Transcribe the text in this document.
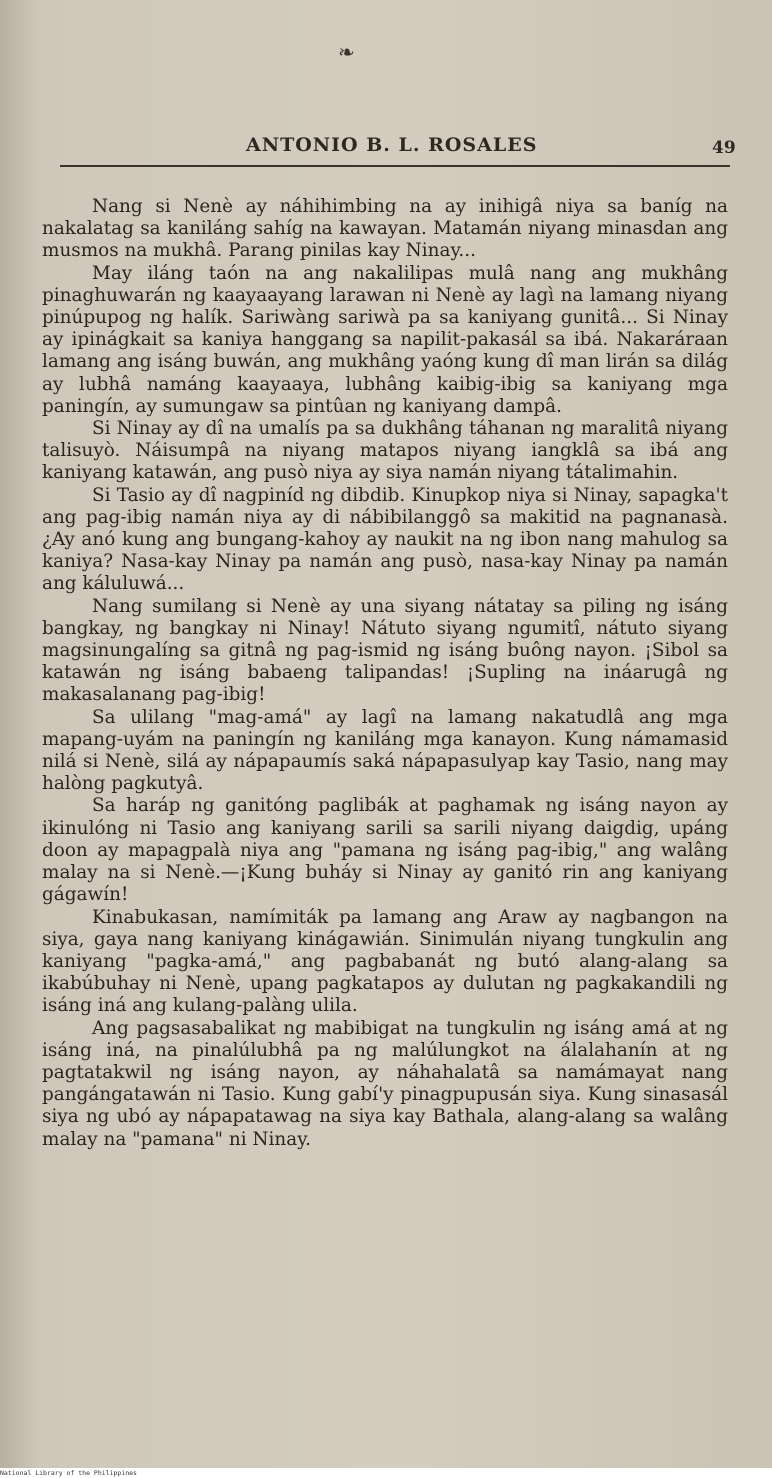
❧
ANTONIO B. L. ROSALES	49

Nang si Nenè ay náhihimbing na ay inihigâ niya sa baníg na nakalatag sa kaniláng sahíg na kawayan. Matamán niyang minasdan ang musmos na mukhâ. Parang pinilas kay Ninay...

May iláng taón na ang nakalilipas mulâ nang ang mukhâng pinaghuwarán ng kaayaayang larawan ni Nenè ay lagì na lamang niyang pinúpupog ng halík. Sariwàng sariwà pa sa kaniyang gunitâ... Si Ninay ay ipinágkait sa kaniya hanggang sa napilit-pakasál sa ibá. Nakaráraan lamang ang isáng buwán, ang mukhâng yaóng kung dî man lirán sa dilág ay lubhâ namáng kaayaaya, lubhâng kaibig-ibig sa kaniyang mga paningín, ay sumungaw sa pintûan ng kaniyang dampâ.

Si Ninay ay dî na umalís pa sa dukhâng táhanan ng maralitâ niyang talisuyò. Náisumpâ na niyang matapos niyang iangklâ sa ibá ang kaniyang katawán, ang pusò niya ay siya namán niyang tátalimahin.

Si Tasio ay dî nagpiníd ng dibdib. Kinupkop niya si Ninay, sapagka't ang pag-ibig namán niya ay di nábibilanggô sa makitid na pagnanasà. ¿Ay anó kung ang bungang-kahoy ay naukit na ng ibon nang mahulog sa kaniya? Nasa-kay Ninay pa namán ang pusò, nasa-kay Ninay pa namán ang káluluwá...

Nang sumilang si Nenè ay una siyang nátatay sa piling ng isáng bangkay, ng bangkay ni Ninay! Nátuto siyang ngumitî, nátuto siyang magsinungalíng sa gitnâ ng pag-ismid ng isáng buông nayon. ¡Sibol sa katawán ng isáng babaeng talipandas! ¡Supling na ináarugâ ng makasalanang pag-ibig!

Sa ulilang "mag-amá" ay lagî na lamang nakatudlâ ang mga mapang-uyám na paningín ng kaniláng mga kanayon. Kung námamasid nilá si Nenè, silá ay nápapaumís saká nápapasulyap kay Tasio, nang may halòng pagkutyâ.

Sa haráp ng ganitóng paglibák at paghamak ng isáng nayon ay ikinulóng ni Tasio ang kaniyang sarili sa sarili niyang daigdig, upáng doon ay mapagpalà niya ang "pamana ng isáng pag-ibig," ang walâng malay na si Nenè.—¡Kung buháy si Ninay ay ganitó rin ang kaniyang gágawín!

Kinabukasan, namímiták pa lamang ang Araw ay nagbangon na siya, gaya nang kaniyang kinágawián. Sinimulán niyang tungkulin ang kaniyang "pagka-amá," ang pagbabanát ng butó alang-alang sa ikabúbuhay ni Nenè, upang pagkatapos ay dulutan ng pagkakandili ng isáng iná ang kulang-palàng ulila.

Ang pagsasabalikat ng mabibigat na tungkulin ng isáng amá at ng isáng iná, na pinalúlubhâ pa ng malúlungkot na álalahanín at ng pagtatakwil ng isáng nayon, ay náhahalatâ sa namámayat nang pangángatawán ni Tasio. Kung gabí'y pinagpupusán siya. Kung sinasasál siya ng ubó ay nápapatawag na siya kay Bathala, alang-alang sa walâng malay na "pamana" ni Ninay.

National Library of the Philippines
